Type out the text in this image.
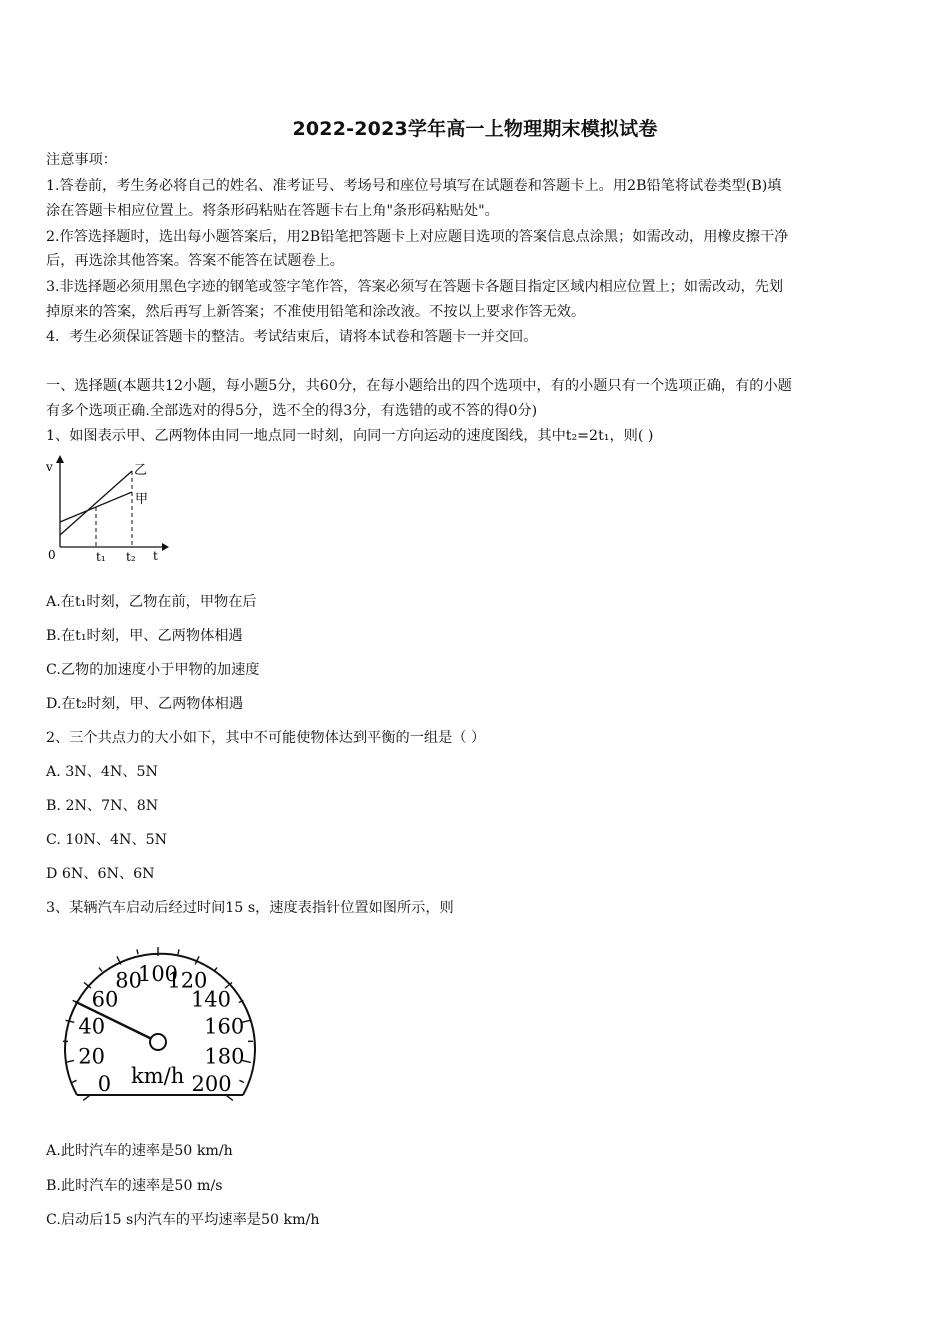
2022-2023学年高一上物理期末模拟试卷
注意事项：
1.答卷前，考生务必将自己的姓名、准考证号、考场号和座位号填写在试题卷和答题卡上。用2B铅笔将试卷类型(B)填
涂在答题卡相应位置上。将条形码粘贴在答题卡右上角"条形码粘贴处"。
2.作答选择题时，选出每小题答案后，用2B铅笔把答题卡上对应题目选项的答案信息点涂黑；如需改动，用橡皮擦干净
后，再选涂其他答案。答案不能答在试题卷上。
3.非选择题必须用黑色字迹的钢笔或签字笔作答，答案必须写在答题卡各题目指定区域内相应位置上；如需改动，先划
掉原来的答案，然后再写上新答案；不准使用铅笔和涂改液。不按以上要求作答无效。
4．考生必须保证答题卡的整洁。考试结束后，请将本试卷和答题卡一并交回。
一、选择题(本题共12小题，每小题5分，共60分，在每小题给出的四个选项中，有的小题只有一个选项正确，有的小题
有多个选项正确.全部选对的得5分，选不全的得3分，有选错的或不答的得0分)
1、如图表示甲、乙两物体由同一地点同一时刻，向同一方向运动的速度图线，其中t₂=2t₁，则( )
v
0	t
t₁ t₂
乙
甲
A.在t₁时刻，乙物在前，甲物在后
B.在t₁时刻，甲、乙两物体相遇
C.乙物的加速度小于甲物的加速度
D.在t₂时刻，甲、乙两物体相遇
2、三个共点力的大小如下，其中不可能使物体达到平衡的一组是（ ）
A. 3N、4N、5N
B. 2N、7N、8N
C. 10N、4N、5N
D 6N、6N、6N
3、某辆汽车启动后经过时间15 s，速度表指针位置如图所示，则
0
20
40
60
80
100
120
140
160
180
200
km/h
A.此时汽车的速率是50 km/h
B.此时汽车的速率是50 m/s
C.启动后15 s内汽车的平均速率是50 km/h
